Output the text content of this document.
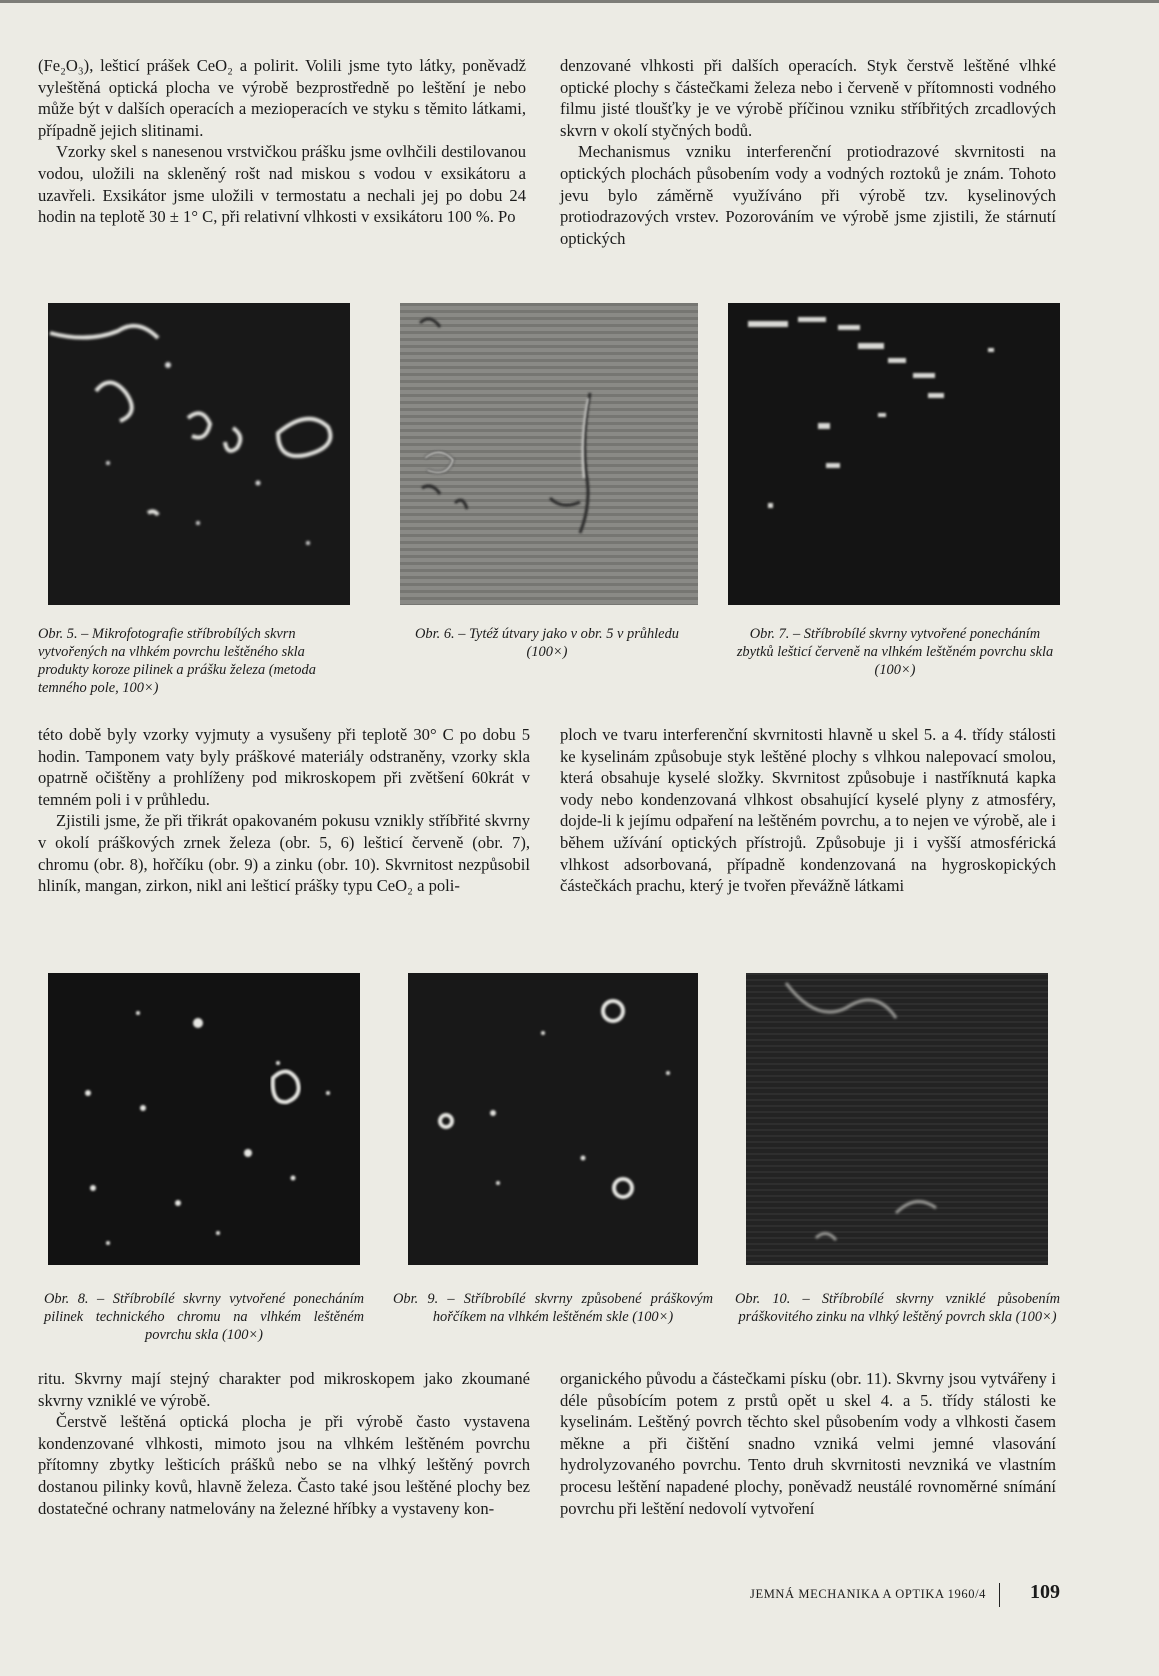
(Fe₂O₃), lešticí prášek CeO₂ a polirit. Volili jsme tyto látky, poněvadž vyleštěná optická plocha ve výrobě bezprostředně po leštění je nebo může být v dalších operacích a mezioperacích ve styku s těmito látkami, případně jejich slitinami.

Vzorky skel s nanesenou vrstvičkou prášku jsme ovlhčili destilovanou vodou, uložili na skleněný rošt nad miskou s vodou v exsikátoru a uzavřeli. Exsikátor jsme uložili v termostatu a nechali jej po dobu 24 hodin na teplotě 30 ± 1° C, při relativní vlhkosti v exsikátoru 100 %. Po

denzované vlhkosti při dalších operacích. Styk čerstvě leštěné vlhké optické plochy s částečkami železa nebo i červeně v přítomnosti vodného filmu jisté tloušťky je ve výrobě příčinou vzniku stříbřitých zrcadlových skvrn v okolí styčných bodů.

Mechanismus vzniku interferenční protiodrazové skvrnitosti na optických plochách působením vody a vodných roztoků je znám. Tohoto jevu bylo záměrně využíváno při výrobě tzv. kyselinových protiodrazových vrstev. Pozorováním ve výrobě jsme zjistili, že stárnutí optických

Obr. 5. – Mikrofotografie stříbrobílých skvrn vytvořených na vlhkém povrchu leštěného skla produkty koroze pilinek a prášku železa (metoda temného pole, 100×)
Obr. 6. – Tytéž útvary jako v obr. 5 v průhledu (100×)
Obr. 7. – Stříbrobílé skvrny vytvořené ponecháním zbytků lešticí červeně na vlhkém leštěném povrchu skla (100×)

této době byly vzorky vyjmuty a vysušeny při teplotě 30° C po dobu 5 hodin. Tamponem vaty byly práškové materiály odstraněny, vzorky skla opatrně očištěny a prohlíženy pod mikroskopem při zvětšení 60krát v temném poli i v průhledu.

Zjistili jsme, že při třikrát opakovaném pokusu vznikly stříbřité skvrny v okolí práškových zrnek železa (obr. 5, 6) lešticí červeně (obr. 7), chromu (obr. 8), hořčíku (obr. 9) a zinku (obr. 10). Skvrnitost nezpůsobil hliník, mangan, zirkon, nikl ani lešticí prášky typu CeO₂ a poli-

ploch ve tvaru interferenční skvrnitosti hlavně u skel 5. a 4. třídy stálosti ke kyselinám způsobuje styk leštěné plochy s vlhkou nalepovací smolou, která obsahuje kyselé složky. Skvrnitost způsobuje i nastříknutá kapka vody nebo kondenzovaná vlhkost obsahující kyselé plyny z atmosféry, dojde-li k jejímu odpaření na leštěném povrchu, a to nejen ve výrobě, ale i během užívání optických přístrojů. Způsobuje ji i vyšší atmosférická vlhkost adsorbovaná, případně kondenzovaná na hygroskopických částečkách prachu, který je tvořen převážně látkami

Obr. 8. – Stříbrobílé skvrny vytvořené ponecháním pilinek technického chromu na vlhkém leštěném povrchu skla (100×)
Obr. 9. – Stříbrobílé skvrny způsobené práškovým hořčíkem na vlhkém leštěném skle (100×)
Obr. 10. – Stříbrobílé skvrny vzniklé působením práškovitého zinku na vlhký leštěný povrch skla (100×)

ritu. Skvrny mají stejný charakter pod mikroskopem jako zkoumané skvrny vzniklé ve výrobě.

Čerstvě leštěná optická plocha je při výrobě často vystavena kondenzované vlhkosti, mimoto jsou na vlhkém leštěném povrchu přítomny zbytky lešticích prášků nebo se na vlhký leštěný povrch dostanou pilinky kovů, hlavně železa. Často také jsou leštěné plochy bez dostatečné ochrany natmelovány na železné hříbky a vystaveny kon-

organického původu a částečkami písku (obr. 11). Skvrny jsou vytvářeny i déle působícím potem z prstů opět u skel 4. a 5. třídy stálosti ke kyselinám. Leštěný povrch těchto skel působením vody a vlhkosti časem měkne a při čištění snadno vzniká velmi jemné vlasování hydrolyzovaného povrchu. Tento druh skvrnitosti nevzniká ve vlastním procesu leštění napadené plochy, poněvadž neustálé rovnoměrné snímání povrchu při leštění nedovolí vytvoření

JEMNÁ MECHANIKA A OPTIKA 1960/4 109
